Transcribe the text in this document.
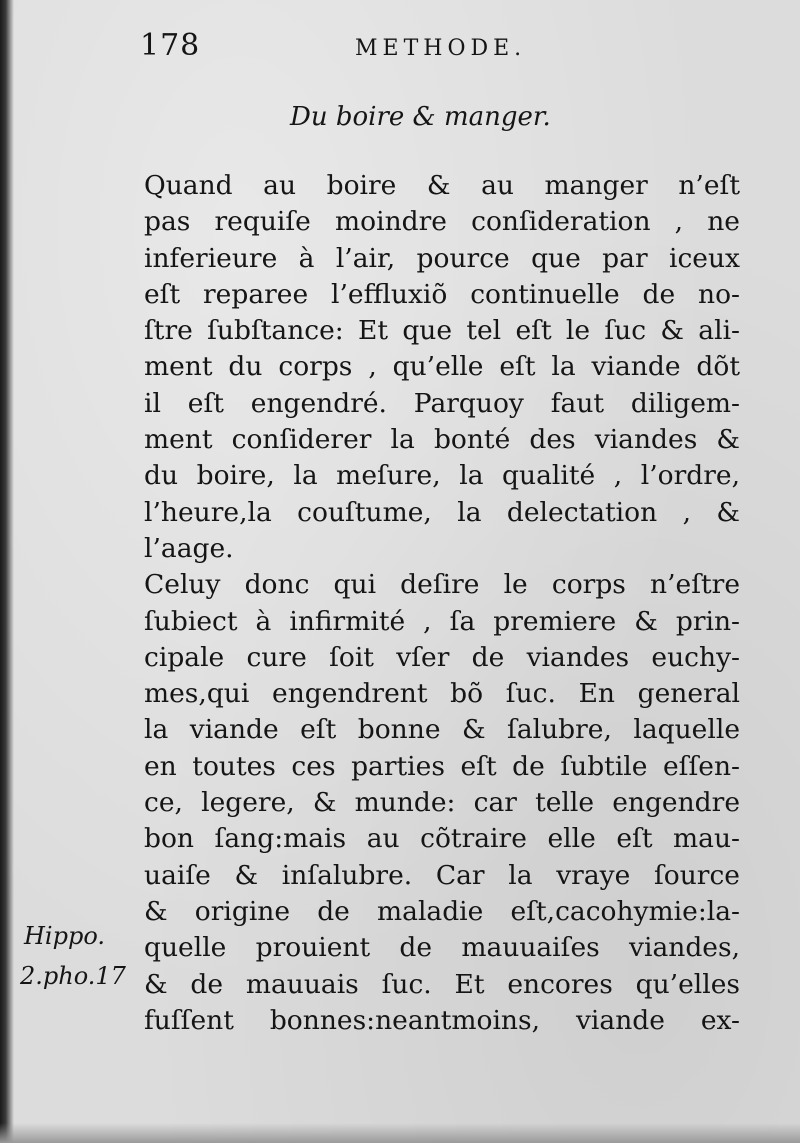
178	METHODE.
Du boire & manger.
Quand au boire & au manger n’eſt
pas requiſe moindre conſideration , ne
inferieure à l’air, pource que par iceux
eſt reparee l’effluxiõ continuelle de no-
ſtre ſubſtance: Et que tel eſt le ſuc & ali-
ment du corps , qu’elle eſt la viande dõt
il eſt engendré. Parquoy faut diligem-
ment conſiderer la bonté des viandes &
du boire, la meſure, la qualité , l’ordre,
l’heure,la couſtume, la delectation , &
l’aage.
Celuy donc qui deſire le corps n’eſtre
ſubiect à infirmité , ſa premiere & prin-
cipale cure ſoit vſer de viandes euchy-
mes,qui engendrent bõ ſuc. En general
la viande eſt bonne & ſalubre, laquelle
en toutes ces parties eſt de ſubtile eſſen-
ce, legere, & munde: car telle engendre
bon ſang:mais au cõtraire elle eſt mau-
uaiſe & inſalubre. Car la vraye ſource
& origine de maladie eſt,cacohymie:la-
quelle prouient de mauuaiſes viandes,
& de mauuais ſuc. Et encores qu’elles
fuſſent bonnes:neantmoins, viande ex-
Hippo.
2.pho.17
